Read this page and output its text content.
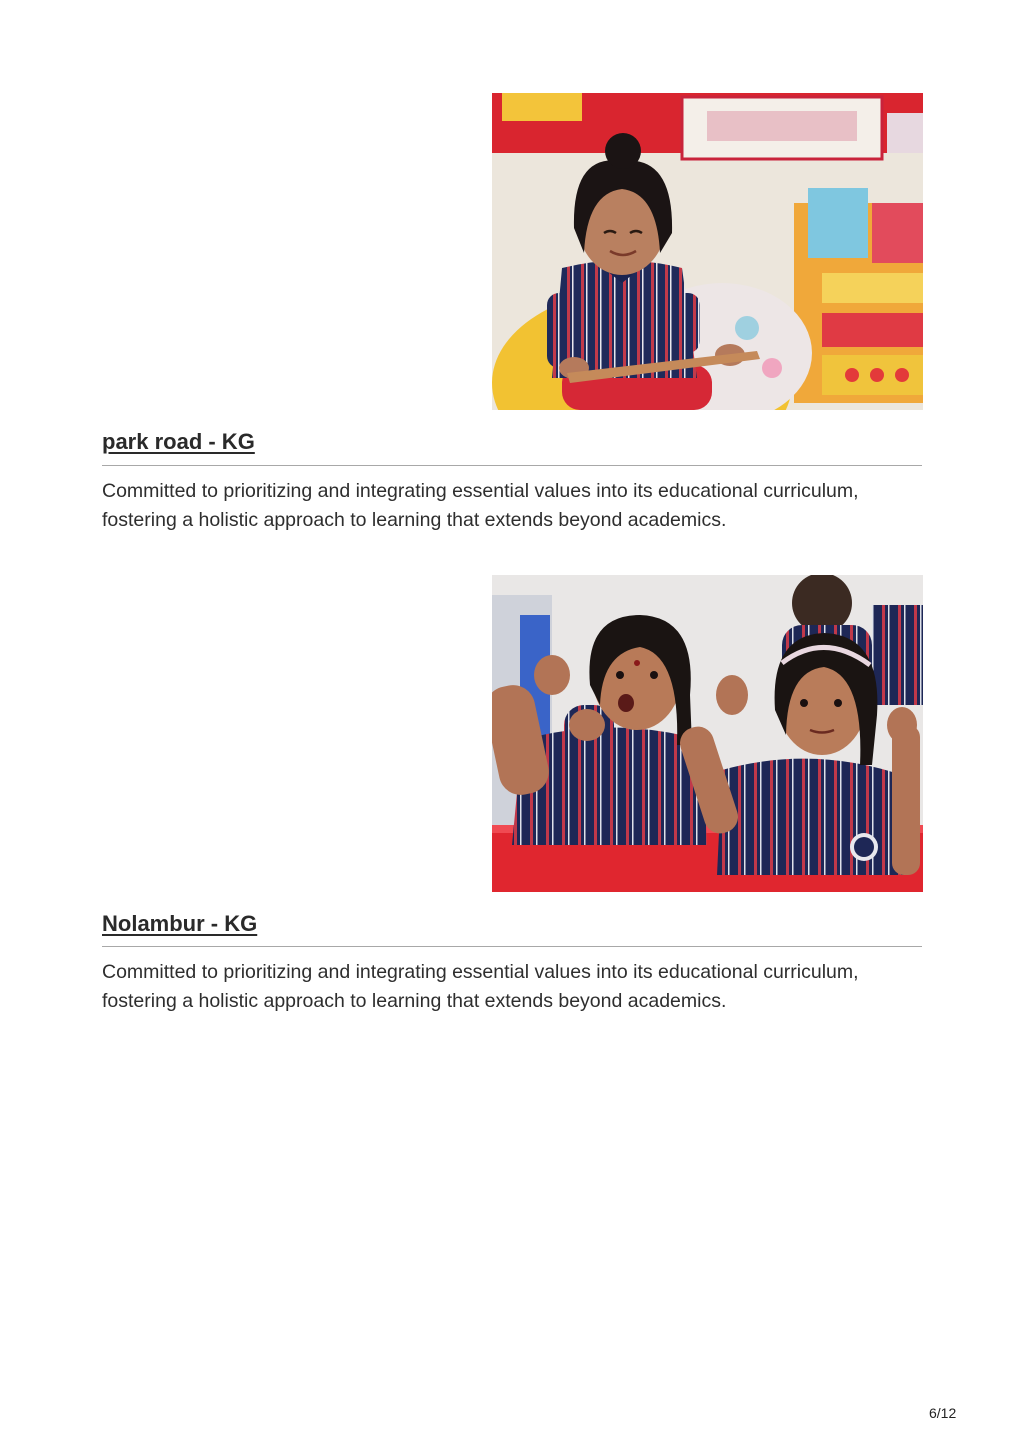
park road - KG

Committed to prioritizing and integrating essential values into its educational curriculum, fostering a holistic approach to learning that extends beyond academics.

Nolambur - KG

Committed to prioritizing and integrating essential values into its educational curriculum, fostering a holistic approach to learning that extends beyond academics.

6/12
